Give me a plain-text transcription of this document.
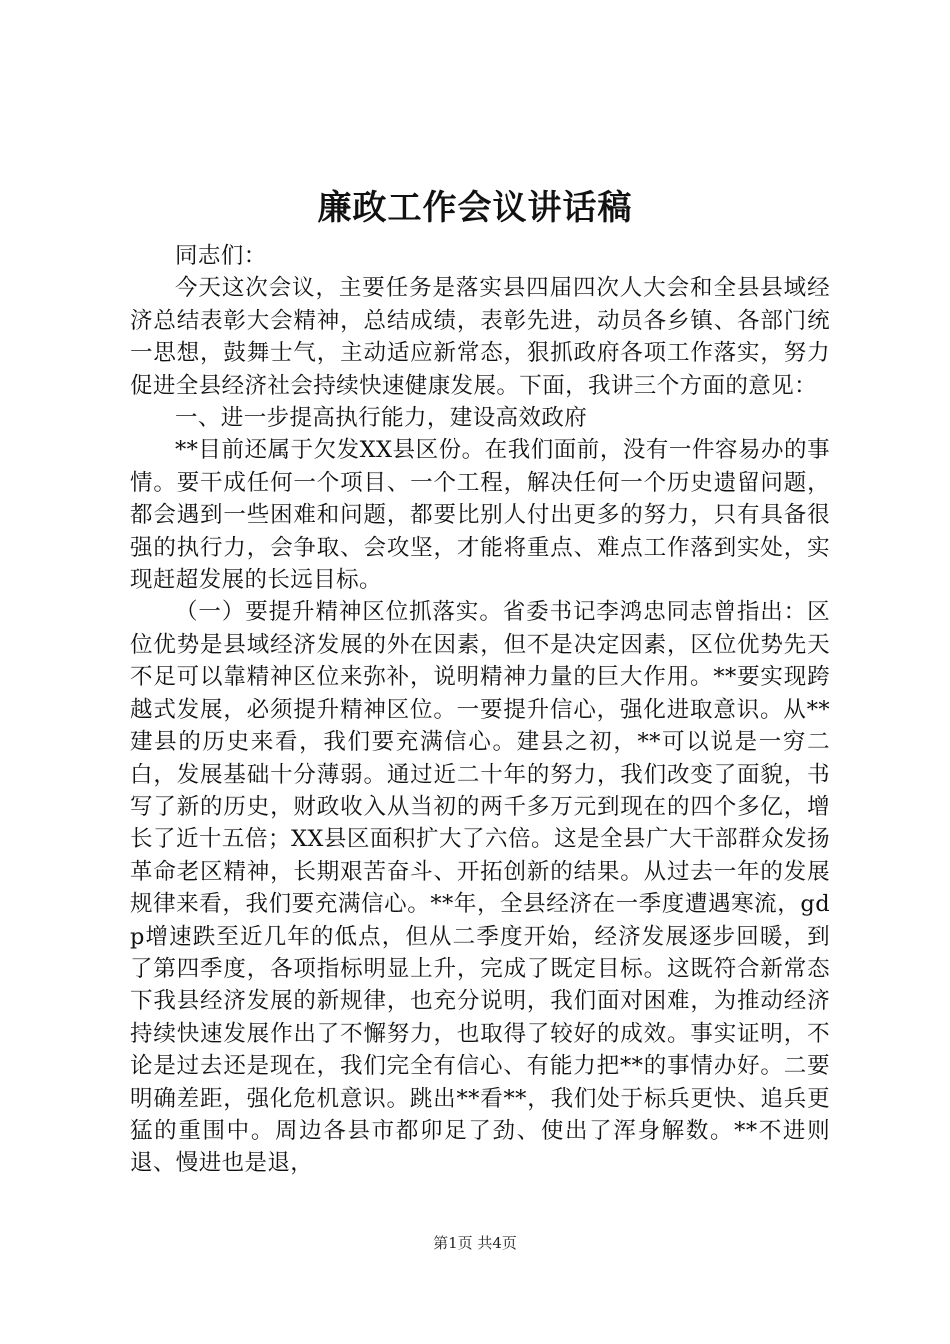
廉政工作会议讲话稿

同志们：

今天这次会议，主要任务是落实县四届四次人大会和全县县域经济总结表彰大会精神，总结成绩，表彰先进，动员各乡镇、各部门统一思想，鼓舞士气，主动适应新常态，狠抓政府各项工作落实，努力促进全县经济社会持续快速健康发展。下面，我讲三个方面的意见：

一、进一步提高执行能力，建设高效政府

**目前还属于欠发XX县区份。在我们面前，没有一件容易办的事情。要干成任何一个项目、一个工程，解决任何一个历史遗留问题，都会遇到一些困难和问题，都要比别人付出更多的努力，只有具备很强的执行力，会争取、会攻坚，才能将重点、难点工作落到实处，实现赶超发展的长远目标。

（一）要提升精神区位抓落实。省委书记李鸿忠同志曾指出：区位优势是县域经济发展的外在因素，但不是决定因素，区位优势先天不足可以靠精神区位来弥补，说明精神力量的巨大作用。**要实现跨越式发展，必须提升精神区位。一要提升信心，强化进取意识。从**建县的历史来看，我们要充满信心。建县之初，**可以说是一穷二白，发展基础十分薄弱。通过近二十年的努力，我们改变了面貌，书写了新的历史，财政收入从当初的两千多万元到现在的四个多亿，增长了近十五倍；XX县区面积扩大了六倍。这是全县广大干部群众发扬革命老区精神，长期艰苦奋斗、开拓创新的结果。从过去一年的发展规律来看，我们要充满信心。**年，全县经济在一季度遭遇寒流，gdp增速跌至近几年的低点，但从二季度开始，经济发展逐步回暖，到了第四季度，各项指标明显上升，完成了既定目标。这既符合新常态下我县经济发展的新规律，也充分说明，我们面对困难，为推动经济持续快速发展作出了不懈努力，也取得了较好的成效。事实证明，不论是过去还是现在，我们完全有信心、有能力把**的事情办好。二要明确差距，强化危机意识。跳出**看**，我们处于标兵更快、追兵更猛的重围中。周边各县市都卯足了劲、使出了浑身解数。**不进则退、慢进也是退，

第1页 共4页
